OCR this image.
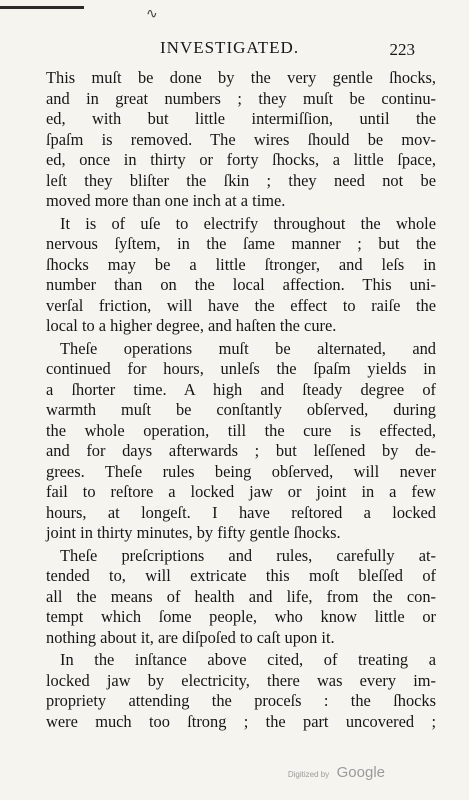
∿
INVESTIGATED.	223
This muſt be done by the very gentle ſhocks,
and in great numbers ; they muſt be continu-
ed, with but little intermiſſion, until the
ſpaſm is removed. The wires ſhould be mov-
ed, once in thirty or forty ſhocks, a little ſpace,
leſt they bliſter the ſkin ; they need not be
moved more than one inch at a time.
It is of uſe to electrify throughout the whole
nervous ſyſtem, in the ſame manner ; but the
ſhocks may be a little ſtronger, and leſs in
number than on the local affection. This uni-
verſal friction, will have the effect to raiſe the
local to a higher degree, and haſten the cure.
Theſe operations muſt be alternated, and
continued for hours, unleſs the ſpaſm yields in
a ſhorter time. A high and ſteady degree of
warmth muſt be conſtantly obſerved, during
the whole operation, till the cure is effected,
and for days afterwards ; but leſſened by de-
grees. Theſe rules being obſerved, will never
fail to reſtore a locked jaw or joint in a few
hours, at longeſt. I have reſtored a locked
joint in thirty minutes, by fifty gentle ſhocks.
Theſe preſcriptions and rules, carefully at-
tended to, will extricate this moſt bleſſed of
all the means of health and life, from the con-
tempt which ſome people, who know little or
nothing about it, are diſpoſed to caſt upon it.
In the inſtance above cited, of treating a
locked jaw by electricity, there was every im-
propriety attending the proceſs : the ſhocks
were much too ſtrong ; the part uncovered ;
Digitized by Google
